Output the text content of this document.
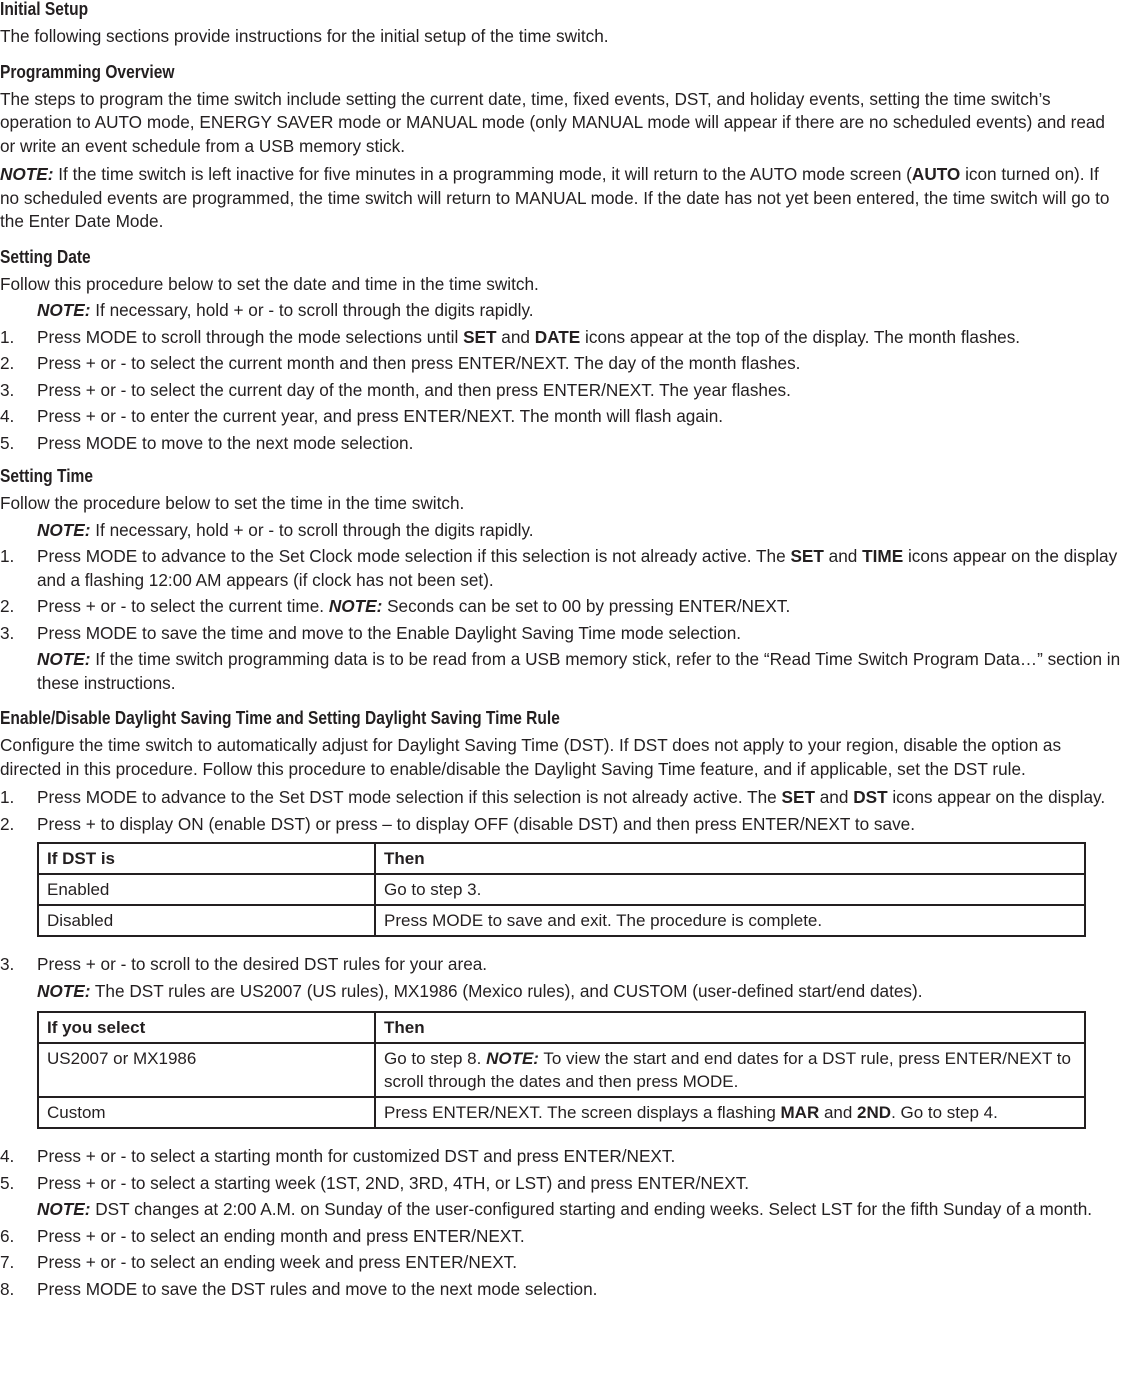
Initial Setup

The following sections provide instructions for the initial setup of the time switch.

Programming Overview

The steps to program the time switch include setting the current date, time, fixed events, DST, and holiday events, setting the time switch’s operation to AUTO mode, ENERGY SAVER mode or MANUAL mode (only MANUAL mode will appear if there are no scheduled events) and read or write an event schedule from a USB memory stick.

NOTE: If the time switch is left inactive for five minutes in a programming mode, it will return to the AUTO mode screen (AUTO icon turned on). If no scheduled events are programmed, the time switch will return to MANUAL mode. If the date has not yet been entered, the time switch will go to the Enter Date Mode.

Setting Date

Follow this procedure below to set the date and time in the time switch.

NOTE: If necessary, hold + or - to scroll through the digits rapidly.

1.	Press MODE to scroll through the mode selections until SET and DATE icons appear at the top of the display. The month flashes.
2.	Press + or - to select the current month and then press ENTER/NEXT. The day of the month flashes.
3.	Press + or - to select the current day of the month, and then press ENTER/NEXT. The year flashes.
4.	Press + or - to enter the current year, and press ENTER/NEXT. The month will flash again.
5.	Press MODE to move to the next mode selection.
Setting Time

Follow the procedure below to set the time in the time switch.

NOTE: If necessary, hold + or - to scroll through the digits rapidly.

1.	Press MODE to advance to the Set Clock mode selection if this selection is not already active. The SET and TIME icons appear on the display and a flashing 12:00 AM appears (if clock has not been set).
2.	Press + or - to select the current time. NOTE: Seconds can be set to 00 by pressing ENTER/NEXT.
3.	Press MODE to save the time and move to the Enable Daylight Saving Time mode selection.

NOTE: If the time switch programming data is to be read from a USB memory stick, refer to the “Read Time Switch Program Data…” section in these instructions.

Enable/Disable Daylight Saving Time and Setting Daylight Saving Time Rule

Configure the time switch to automatically adjust for Daylight Saving Time (DST). If DST does not apply to your region, disable the option as directed in this procedure. Follow this procedure to enable/disable the Daylight Saving Time feature, and if applicable, set the DST rule.

1.	Press MODE to advance to the Set DST mode selection if this selection is not already active. The SET and DST icons appear on the display.
2.	Press + to display ON (enable DST) or press – to display OFF (disable DST) and then press ENTER/NEXT to save.
If DST is	Then
Enabled	Go to step 3.
Disabled	Press MODE to save and exit. The procedure is complete.
3.	Press + or - to scroll to the desired DST rules for your area.

NOTE: The DST rules are US2007 (US rules), MX1986 (Mexico rules), and CUSTOM (user-defined start/end dates).

If you select	Then
US2007 or MX1986	Go to step 8. NOTE: To view the start and end dates for a DST rule, press ENTER/NEXT to scroll through the dates and then press MODE.
Custom	Press ENTER/NEXT. The screen displays a flashing MAR and 2ND. Go to step 4.
4.	Press + or - to select a starting month for customized DST and press ENTER/NEXT.
5.	Press + or - to select a starting week (1ST, 2ND, 3RD, 4TH, or LST) and press ENTER/NEXT.

NOTE: DST changes at 2:00 A.M. on Sunday of the user-configured starting and ending weeks. Select LST for the fifth Sunday of a month.

6.	Press + or - to select an ending month and press ENTER/NEXT.
7.	Press + or - to select an ending week and press ENTER/NEXT.
8.	Press MODE to save the DST rules and move to the next mode selection.
